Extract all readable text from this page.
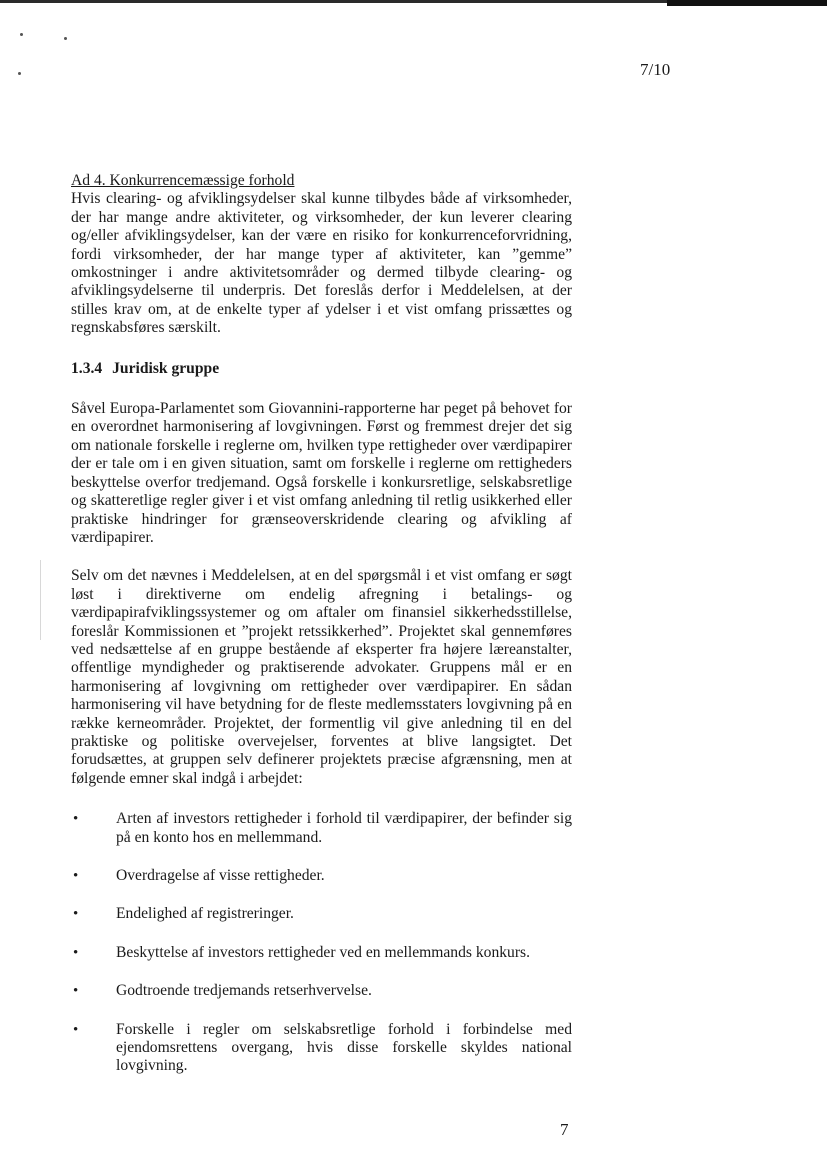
7/10

Ad 4. Konkurrencemæssige forhold
Hvis clearing- og afviklingsydelser skal kunne tilbydes både af virksomheder, der har mange andre aktiviteter, og virksomheder, der kun leverer clearing og/eller afviklingsydelser, kan der være en risiko for konkurrenceforvridning, fordi virksomheder, der har mange typer af aktiviteter, kan ”gemme” omkostninger i andre aktivitetsområder og dermed tilbyde clearing- og afviklingsydelserne til underpris. Det foreslås derfor i Meddelelsen, at der stilles krav om, at de enkelte typer af ydelser i et vist omfang prissættes og regnskabsføres særskilt.

1.3.4 Juridisk gruppe

Såvel Europa-Parlamentet som Giovannini-rapporterne har peget på behovet for en overordnet harmonisering af lovgivningen. Først og fremmest drejer det sig om nationale forskelle i reglerne om, hvilken type rettigheder over værdipapirer der er tale om i en given situation, samt om forskelle i reglerne om rettigheders beskyttelse overfor tredjemand. Også forskelle i konkursretlige, selskabsretlige og skatteretlige regler giver i et vist omfang anledning til retlig usikkerhed eller praktiske hindringer for grænseoverskridende clearing og afvikling af værdipapirer.

Selv om det nævnes i Meddelelsen, at en del spørgsmål i et vist omfang er søgt løst i direktiverne om endelig afregning i betalings- og værdipapirafviklingssystemer og om aftaler om finansiel sikkerhedsstillelse, foreslår Kommissionen et ”projekt retssikkerhed”. Projektet skal gennemføres ved nedsættelse af en gruppe bestående af eksperter fra højere læreanstalter, offentlige myndigheder og praktiserende advokater. Gruppens mål er en harmonisering af lovgivning om rettigheder over værdipapirer. En sådan harmonisering vil have betydning for de fleste medlemsstaters lovgivning på en række kerneområder. Projektet, der formentlig vil give anledning til en del praktiske og politiske overvejelser, forventes at blive langsigtet. Det forudsættes, at gruppen selv definerer projektets præcise afgrænsning, men at følgende emner skal indgå i arbejdet:

• Arten af investors rettigheder i forhold til værdipapirer, der befinder sig på en konto hos en mellemmand.
• Overdragelse af visse rettigheder.
• Endelighed af registreringer.
• Beskyttelse af investors rettigheder ved en mellemmands konkurs.
• Godtroende tredjemands retserhvervelse.
• Forskelle i regler om selskabsretlige forhold i forbindelse med ejendomsrettens overgang, hvis disse forskelle skyldes national lovgivning.
7
